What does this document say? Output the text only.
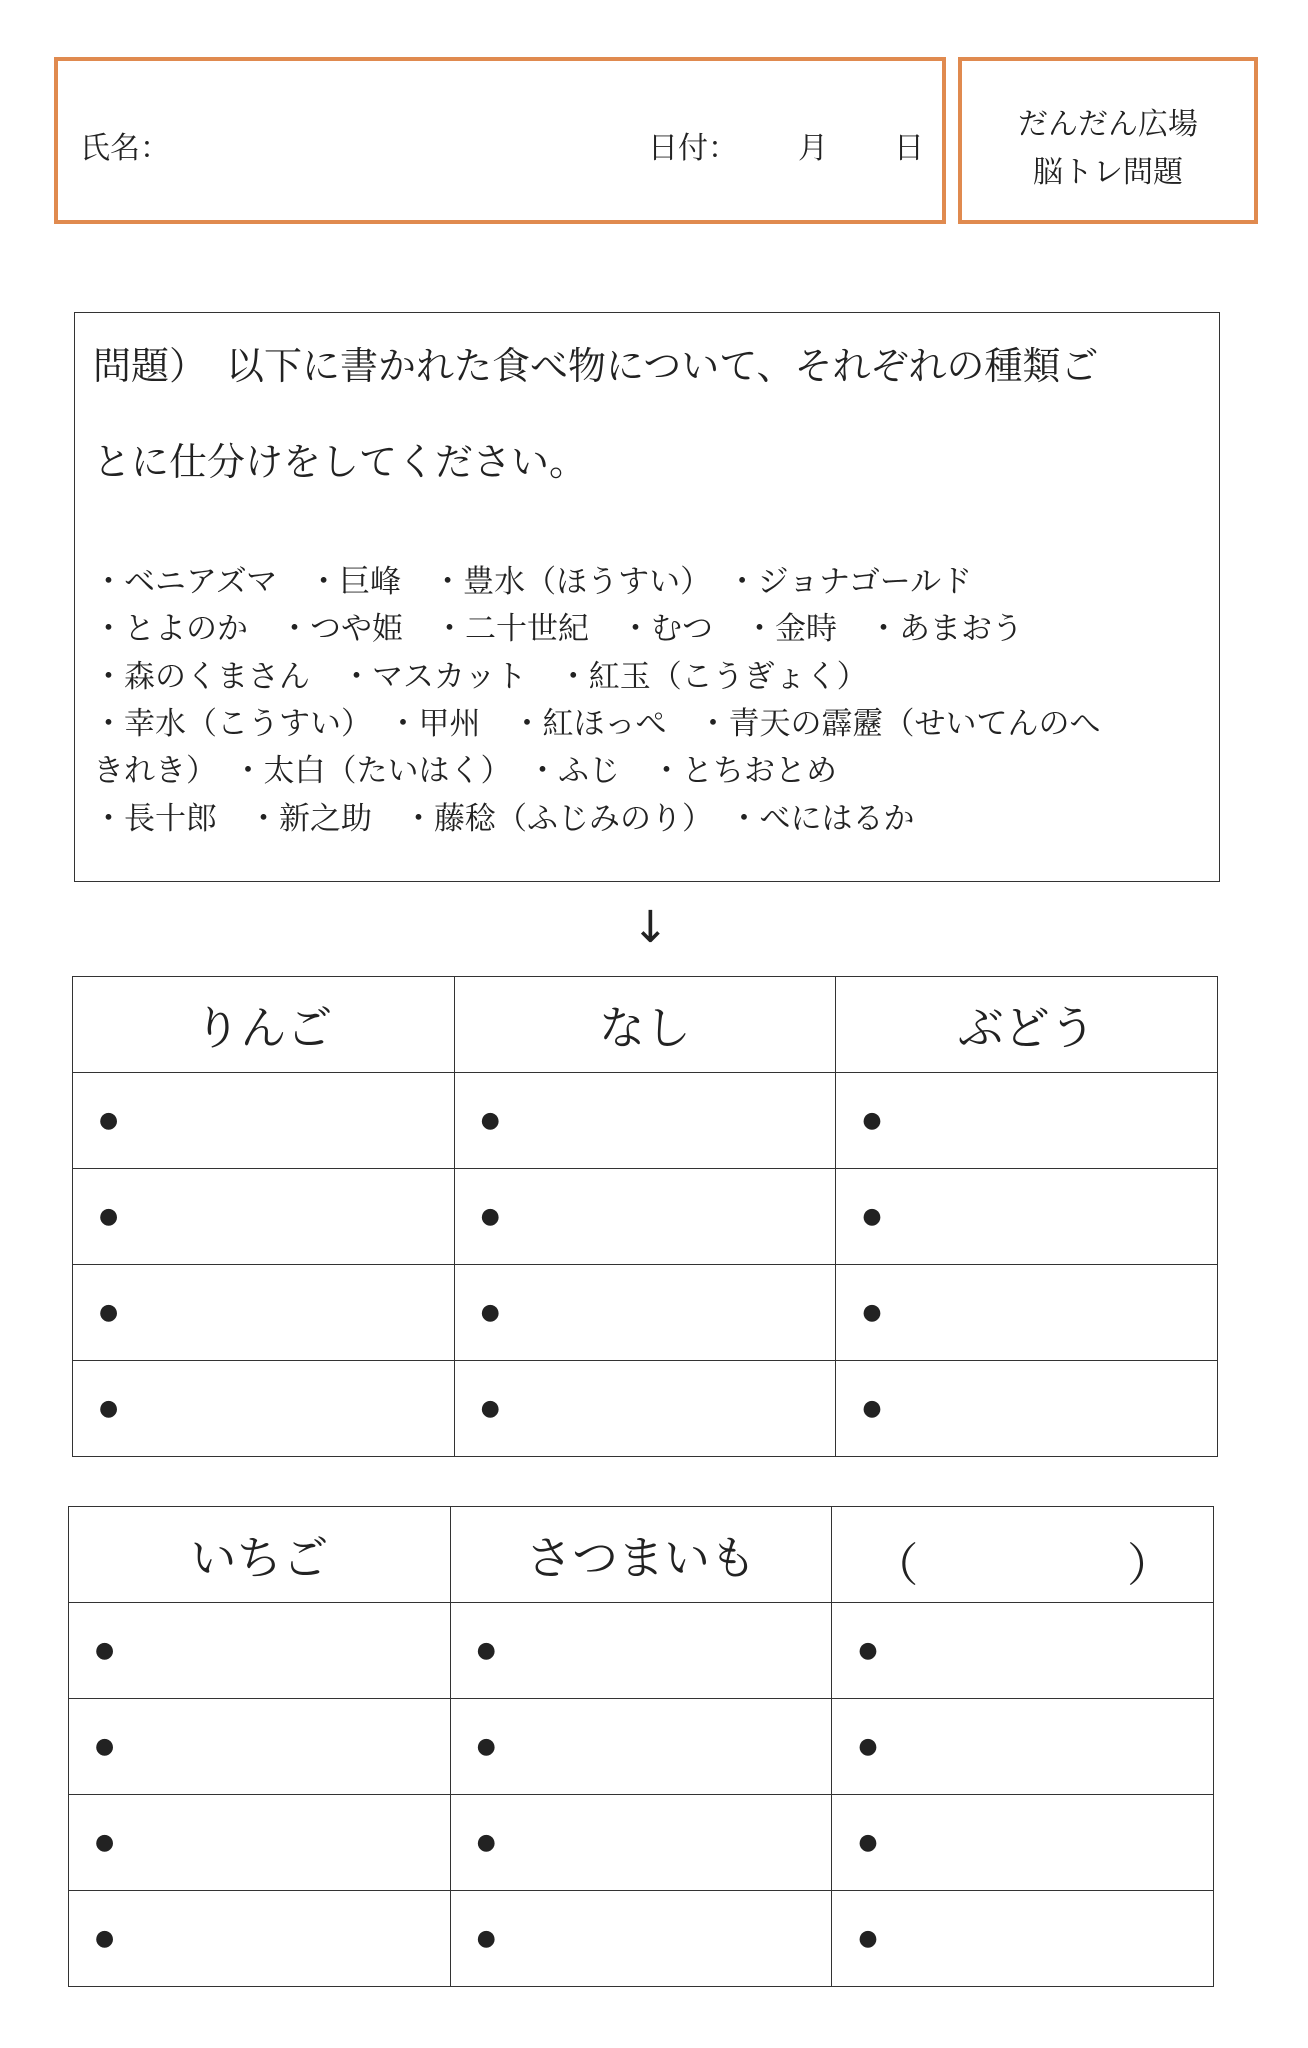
氏名：	日付： 月 日
だんだん広場
脳トレ問題
問題）　以下に書かれた食べ物について、それぞれの種類ご
とに仕分けをしてください。
・ベニアズマ　・巨峰　・豊水（ほうすい）　・ジョナゴールド
・とよのか　・つや姫　・二十世紀　・むつ　・金時　・あまおう
・森のくまさん　・マスカット　・紅玉（こうぎょく）
・幸水（こうすい）　・甲州　・紅ほっぺ　・青天の霹靂（せいてんのへ
きれき）　・太白（たいはく）　・ふじ　・とちおとめ
・長十郎　・新之助　・藤稔（ふじみのり）　・べにはるか
↓
りんご	なし	ぶどう
●	●	●
●	●	●
●	●	●
●	●	●
いちご	さつまいも	（ ）

●	●	●
●	●	●
●	●	●
●	●	●
